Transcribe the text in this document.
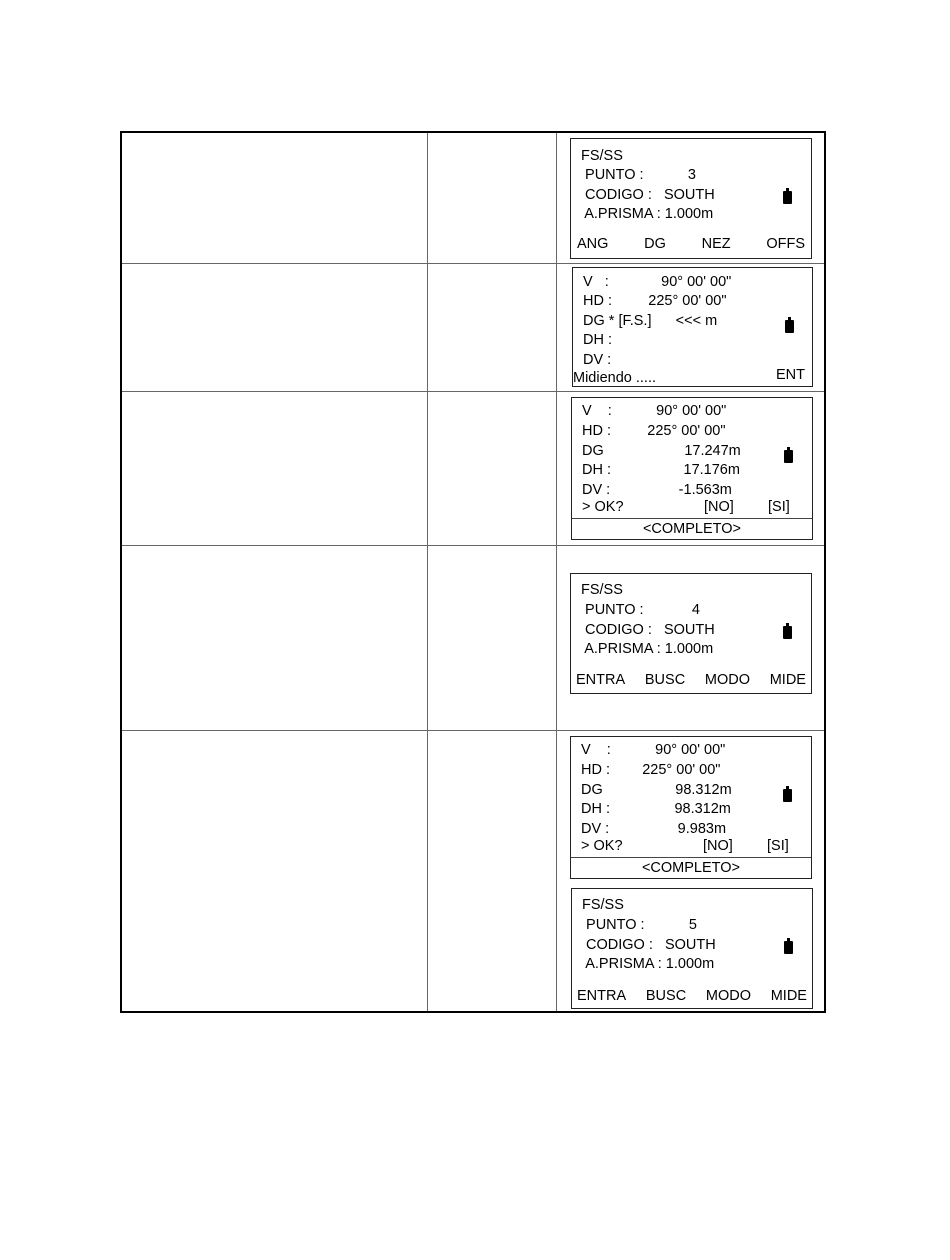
FS/SS
PUNTO :           3
CODIGO :   SOUTH
A.PRISMA : 1.000m
ANG DG NEZ OFFS
V   :             90° 00' 00"
HD :         225° 00' 00"
DG * [F.S.]      <<< m
DH :
DV :
Midiendo .....	ENT
V    :           90° 00' 00"
HD :         225° 00' 00"
DG                    17.247m
DH :                  17.176m
DV :                 -1.563m
> OK?	[NO] [SI]
<COMPLETO>
FS/SS
PUNTO :            4
CODIGO :   SOUTH
A.PRISMA : 1.000m
ENTRA BUSC MODO MIDE
V    :           90° 00' 00"
HD :        225° 00' 00"
DG                  98.312m
DH :                98.312m
DV :                 9.983m
> OK?	[NO] [SI]
<COMPLETO>
FS/SS
PUNTO :           5
CODIGO :   SOUTH
A.PRISMA : 1.000m
ENTRA BUSC MODO MIDE
